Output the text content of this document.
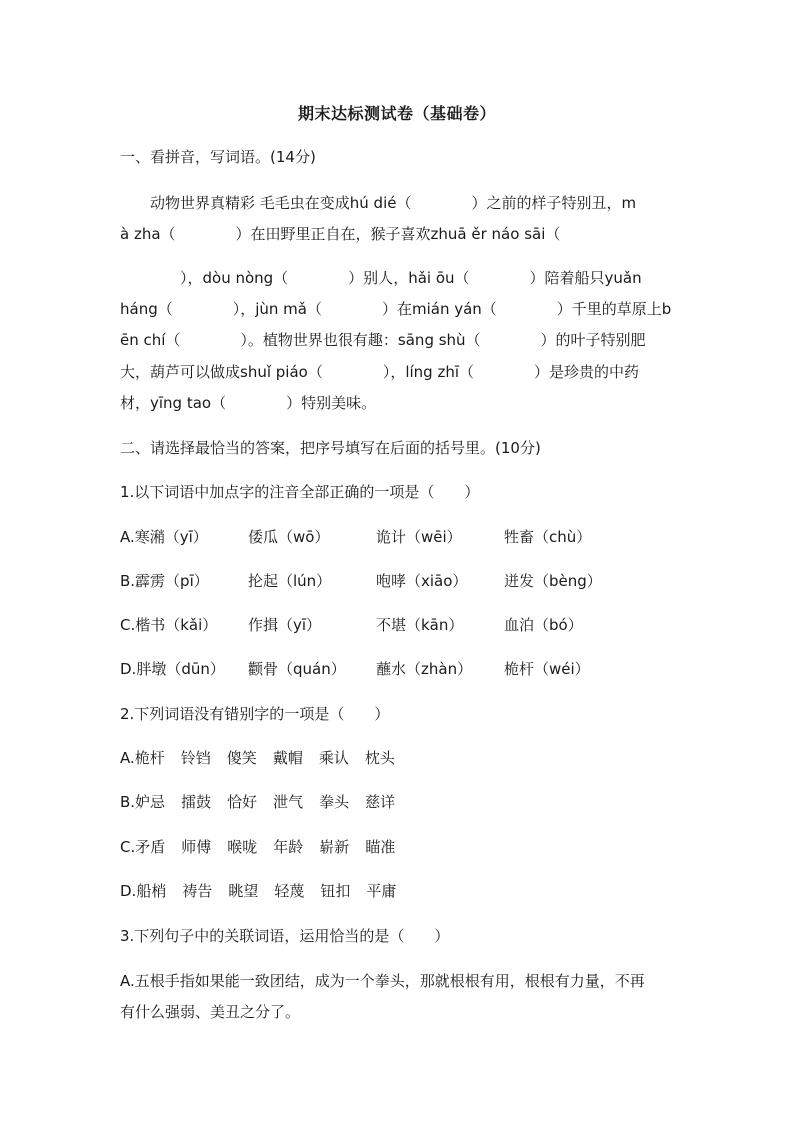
期末达标测试卷（基础卷）
一、看拼音，写词语。(14分)
动物世界真精彩 毛毛虫在变成hú dié（　　　　）之前的样子特别丑，m
à zha（　　　　）在田野里正自在，猴子喜欢zhuā ěr náo sāi（
　　　　），dòu nòng（　　　　）别人，hǎi ōu（　　　　）陪着船只yuǎn
háng（　　　　），jùn mǎ（　　　　）在mián yán（　　　　）千里的草原上b
ēn chí（　　　　）。植物世界也很有趣：sāng shù（　　　　）的叶子特别肥
大，葫芦可以做成shuǐ piáo（　　　　），líng zhī（　　　　）是珍贵的中药
材，yīng tao（　　　　）特别美味。
二、请选择最恰当的答案，把序号填写在后面的括号里。(10分)
1.以下词语中加点字的注音全部正确的一项是（　　）
A.寒潲（yī）	倭瓜（wō）	诡计（wēi）	牲畜（chù）
B.霹雳（pī）	抡起（lún）	咆哮（xiāo）	迸发（bèng）
C.楷书（kǎi）	作揖（yī）	不堪（kān）	血泊（bó）
D.胖墩（dūn）	颧骨（quán）	蘸水（zhàn）	桅杆（wéi）
2.下列词语没有错别字的一项是（　　）
A.桅杆 铃铛 傻笑 戴帽 乘认 枕头
B.妒忌 擂鼓 恰好 泄气 拳头 慈详
C.矛盾 师傅 喉咙 年龄 崭新 瞄准
D.船梢 祷告 眺望 轻蔑 钮扣 平庸
3.下列句子中的关联词语，运用恰当的是（　　）
A.五根手指如果能一致团结，成为一个拳头，那就根根有用，根根有力量，不再
有什么强弱、美丑之分了。
